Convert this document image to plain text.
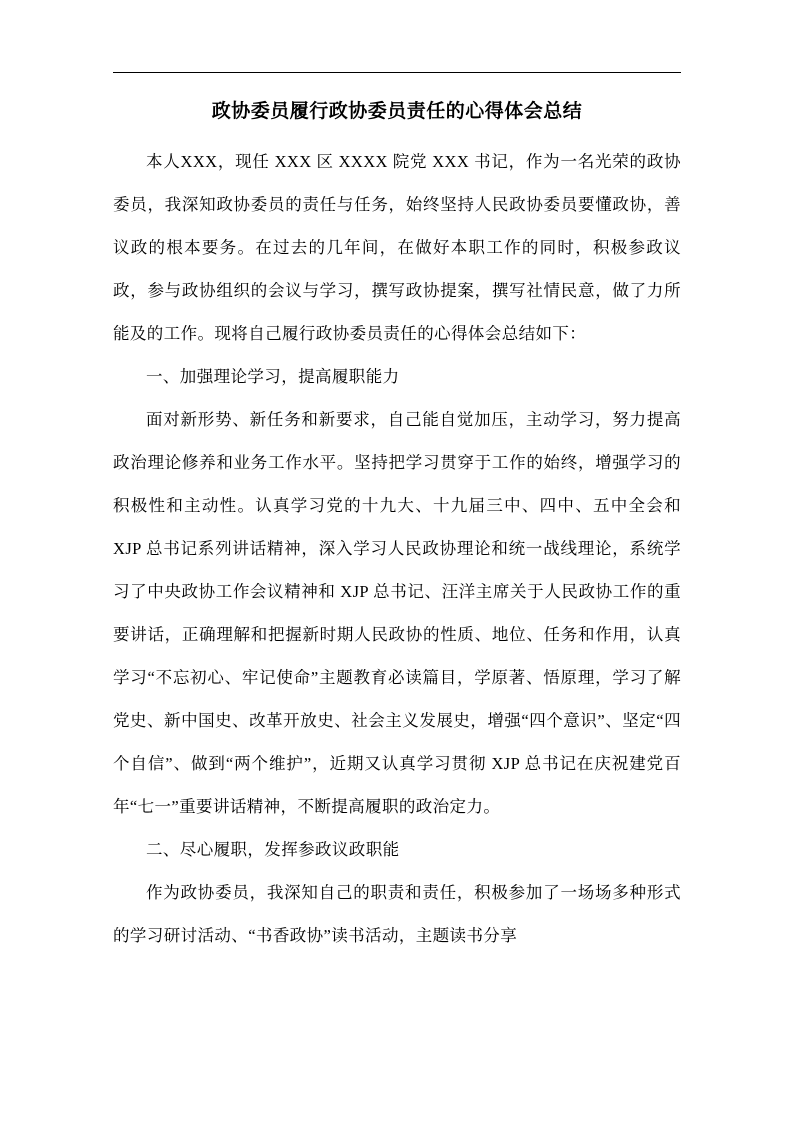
政协委员履行政协委员责任的心得体会总结

本人XXX，现任 XXX 区 XXXX 院党 XXX 书记，作为一名光荣的政协委员，我深知政协委员的责任与任务，始终坚持人民政协委员要懂政协，善议政的根本要务。在过去的几年间，在做好本职工作的同时，积极参政议政，参与政协组织的会议与学习，撰写政协提案，撰写社情民意，做了力所能及的工作。现将自己履行政协委员责任的心得体会总结如下：

一、加强理论学习，提高履职能力

面对新形势、新任务和新要求，自己能自觉加压，主动学习，努力提高政治理论修养和业务工作水平。坚持把学习贯穿于工作的始终，增强学习的积极性和主动性。认真学习党的十九大、十九届三中、四中、五中全会和 XJP 总书记系列讲话精神，深入学习人民政协理论和统一战线理论，系统学习了中央政协工作会议精神和 XJP 总书记、汪洋主席关于人民政协工作的重要讲话，正确理解和把握新时期人民政协的性质、地位、任务和作用，认真学习“不忘初心、牢记使命”主题教育必读篇目，学原著、悟原理，学习了解党史、新中国史、改革开放史、社会主义发展史，增强“四个意识”、坚定“四个自信”、做到“两个维护”，近期又认真学习贯彻 XJP 总书记在庆祝建党百年“七一”重要讲话精神，不断提高履职的政治定力。

二、尽心履职，发挥参政议政职能

作为政协委员，我深知自己的职责和责任，积极参加了一场场多种形式的学习研讨活动、“书香政协”读书活动，主题读书分享
